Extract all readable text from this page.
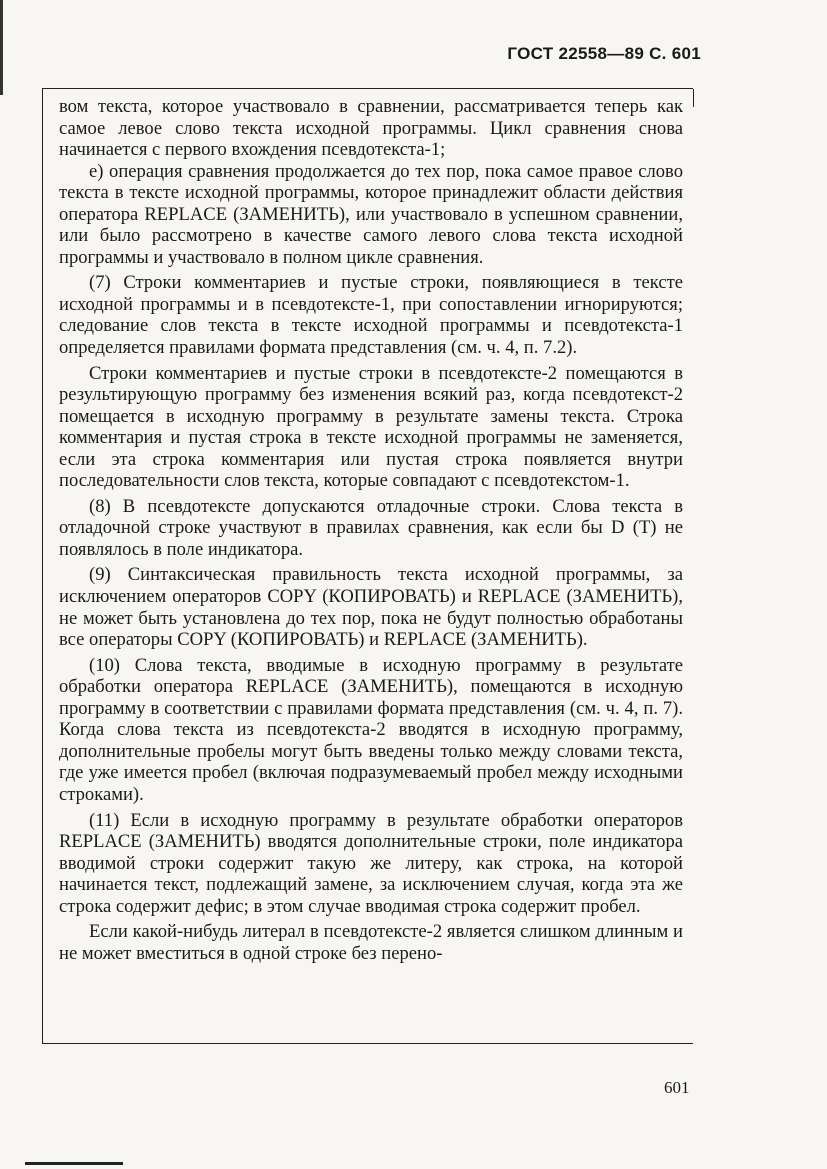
ГОСТ 22558—89 С. 601

вом текста, которое участвовало в сравнении, рассматривается теперь как самое левое слово текста исходной программы. Цикл сравнения снова начинается с первого вхождения псевдотекста-1;

е) операция сравнения продолжается до тех пор, пока самое правое слово текста в тексте исходной программы, которое принадлежит области действия оператора REPLACE (ЗАМЕНИТЬ), или участвовало в успешном сравнении, или было рассмотрено в качестве самого левого слова текста исходной программы и участвовало в полном цикле сравнения.

(7) Строки комментариев и пустые строки, появляющиеся в тексте исходной программы и в псевдотексте-1, при сопоставлении игнорируются; следование слов текста в тексте исходной программы и псевдотекста-1 определяется правилами формата представления (см. ч. 4, п. 7.2).

Строки комментариев и пустые строки в псевдотексте-2 помещаются в результирующую программу без изменения всякий раз, когда псевдотекст-2 помещается в исходную программу в результате замены текста. Строка комментария и пустая строка в тексте исходной программы не заменяется, если эта строка комментария или пустая строка появляется внутри последовательности слов текста, которые совпадают с псевдотекстом-1.

(8) В псевдотексте допускаются отладочные строки. Слова текста в отладочной строке участвуют в правилах сравнения, как если бы D (Т) не появлялось в поле индикатора.

(9) Синтаксическая правильность текста исходной программы, за исключением операторов COPY (КОПИРОВАТЬ) и REPLACE (ЗАМЕНИТЬ), не может быть установлена до тех пор, пока не будут полностью обработаны все операторы COPY (КОПИРОВАТЬ) и REPLACE (ЗАМЕНИТЬ).

(10) Слова текста, вводимые в исходную программу в результате обработки оператора REPLACE (ЗАМЕНИТЬ), помещаются в исходную программу в соответствии с правилами формата представления (см. ч. 4, п. 7). Когда слова текста из псевдотекста-2 вводятся в исходную программу, дополнительные пробелы могут быть введены только между словами текста, где уже имеется пробел (включая подразумеваемый пробел между исходными строками).

(11) Если в исходную программу в результате обработки операторов REPLACE (ЗАМЕНИТЬ) вводятся дополнительные строки, поле индикатора вводимой строки содержит такую же литеру, как строка, на которой начинается текст, подлежащий замене, за исключением случая, когда эта же строка содержит дефис; в этом случае вводимая строка содержит пробел.

Если какой-нибудь литерал в псевдотексте-2 является слишком длинным и не может вместиться в одной строке без перено-

601
